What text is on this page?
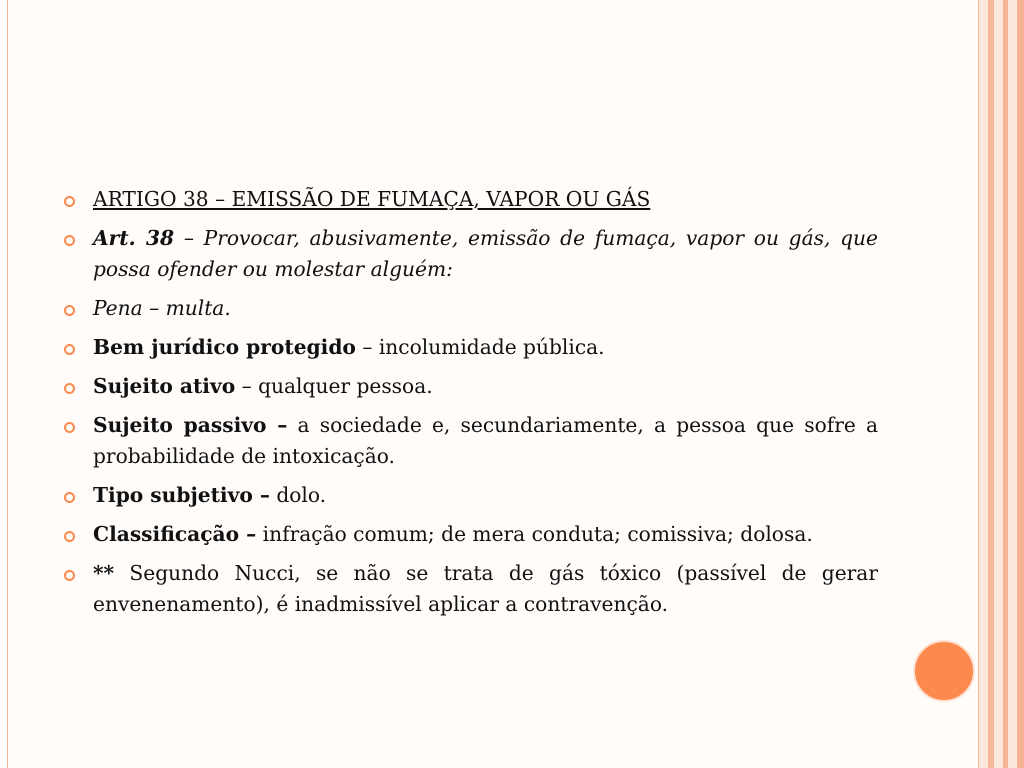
ARTIGO 38 – EMISSÃO DE FUMAÇA, VAPOR OU GÁS
Art. 38 – Provocar, abusivamente, emissão de fumaça, vapor ou gás, que possa ofender ou molestar alguém:
Pena – multa.
Bem jurídico protegido – incolumidade pública.
Sujeito ativo – qualquer pessoa.
Sujeito passivo – a sociedade e, secundariamente, a pessoa que sofre a probabilidade de intoxicação.
Tipo subjetivo – dolo.
Classificação – infração comum; de mera conduta; comissiva; dolosa.
** Segundo Nucci, se não se trata de gás tóxico (passível de gerar envenenamento), é inadmissível aplicar a contravenção.
